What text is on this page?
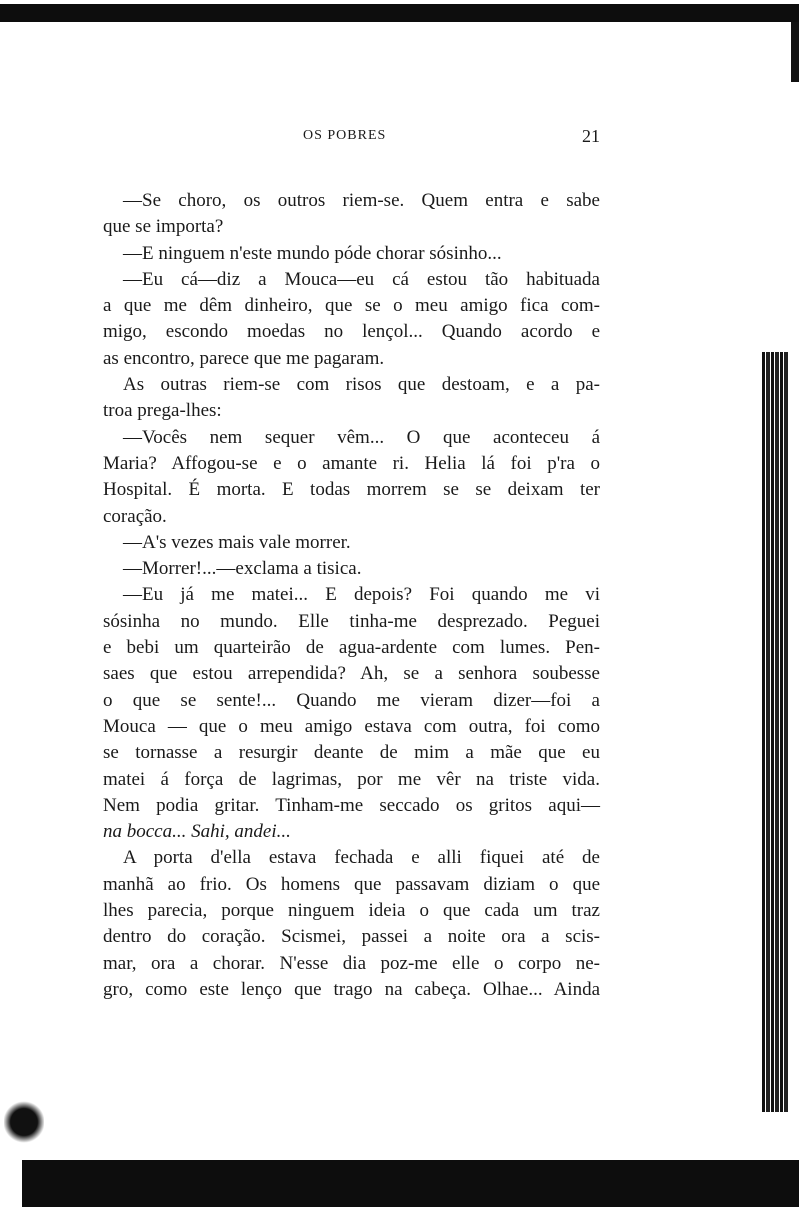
OS POBRES	21
—Se choro, os outros riem-se. Quem entra e sabe
que se importa?
—E ninguem n'este mundo póde chorar sósinho...
—Eu cá—diz a Mouca—eu cá estou tão habituada
a que me dêm dinheiro, que se o meu amigo fica com-
migo, escondo moedas no lençol... Quando acordo e
as encontro, parece que me pagaram.
As outras riem-se com risos que destoam, e a pa-
troa prega-lhes:
—Vocês nem sequer vêm... O que aconteceu á
Maria? Affogou-se e o amante ri. Helia lá foi p'ra o
Hospital. É morta. E todas morrem se se deixam ter
coração.
—A's vezes mais vale morrer.
—Morrer!...—exclama a tisica.
—Eu já me matei... E depois? Foi quando me vi
sósinha no mundo. Elle tinha-me desprezado. Peguei
e bebi um quarteirão de agua-ardente com lumes. Pen-
saes que estou arrependida? Ah, se a senhora soubesse
o que se sente!... Quando me vieram dizer—foi a
Mouca — que o meu amigo estava com outra, foi como
se tornasse a resurgir deante de mim a mãe que eu
matei á força de lagrimas, por me vêr na triste vida.
Nem podia gritar. Tinham-me seccado os gritos aqui—
na bocca... Sahi, andei...
A porta d'ella estava fechada e alli fiquei até de
manhã ao frio. Os homens que passavam diziam o que
lhes parecia, porque ninguem ideia o que cada um traz
dentro do coração. Scismei, passei a noite ora a scis-
mar, ora a chorar. N'esse dia poz-me elle o corpo ne-
gro, como este lenço que trago na cabeça. Olhae... Ainda
